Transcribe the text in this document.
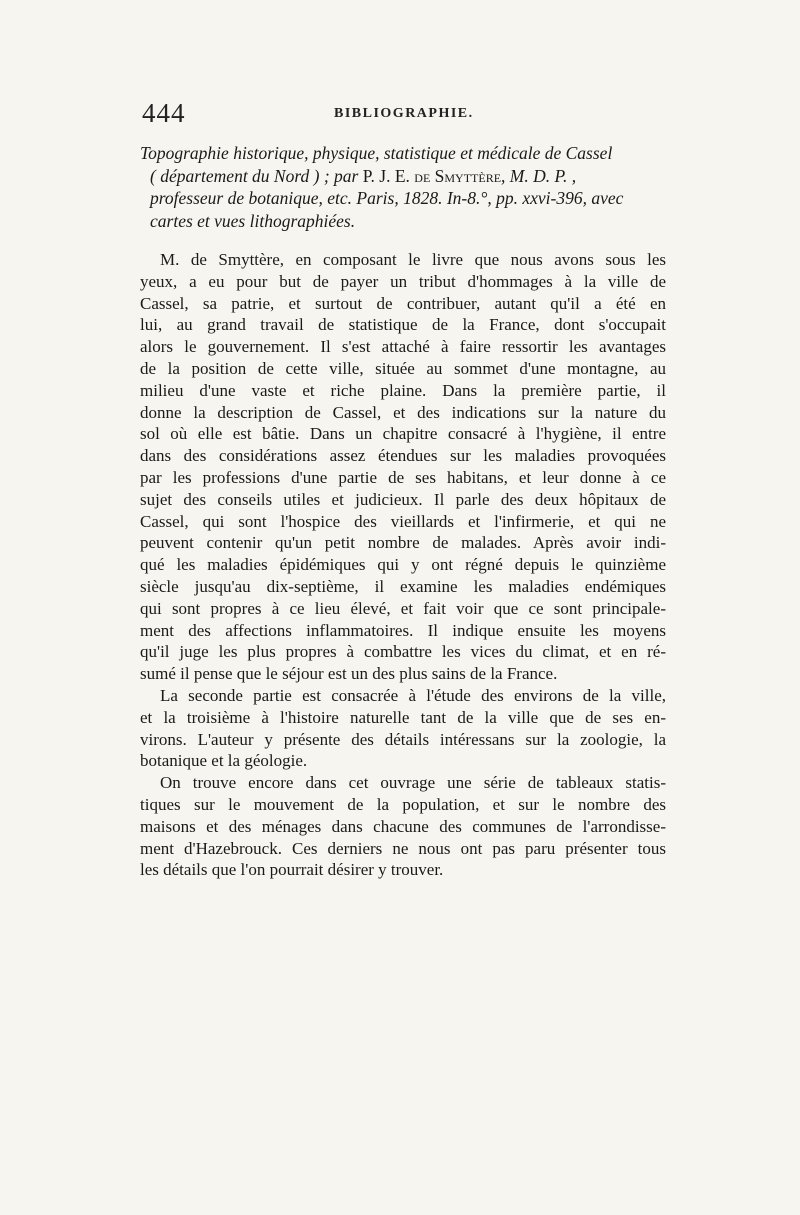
444	BIBLIOGRAPHIE.
Topographie historique, physique, statistique et médicale de Cassel
( département du Nord ) ; par P. J. E. de Smyttère, M. D. P. ,
professeur de botanique, etc. Paris, 1828. In-8.°, pp. xxvi-396, avec
cartes et vues lithographiées.
M. de Smyttère, en composant le livre que nous avons sous les
yeux, a eu pour but de payer un tribut d'hommages à la ville de
Cassel, sa patrie, et surtout de contribuer, autant qu'il a été en
lui, au grand travail de statistique de la France, dont s'occupait
alors le gouvernement. Il s'est attaché à faire ressortir les avantages
de la position de cette ville, située au sommet d'une montagne, au
milieu d'une vaste et riche plaine. Dans la première partie, il
donne la description de Cassel, et des indications sur la nature du
sol où elle est bâtie. Dans un chapitre consacré à l'hygiène, il entre
dans des considérations assez étendues sur les maladies provoquées
par les professions d'une partie de ses habitans, et leur donne à ce
sujet des conseils utiles et judicieux. Il parle des deux hôpitaux de
Cassel, qui sont l'hospice des vieillards et l'infirmerie, et qui ne
peuvent contenir qu'un petit nombre de malades. Après avoir indi-
qué les maladies épidémiques qui y ont régné depuis le quinzième
siècle jusqu'au dix-septième, il examine les maladies endémiques
qui sont propres à ce lieu élevé, et fait voir que ce sont principale-
ment des affections inflammatoires. Il indique ensuite les moyens
qu'il juge les plus propres à combattre les vices du climat, et en ré-
sumé il pense que le séjour est un des plus sains de la France.
La seconde partie est consacrée à l'étude des environs de la ville,
et la troisième à l'histoire naturelle tant de la ville que de ses en-
virons. L'auteur y présente des détails intéressans sur la zoologie, la
botanique et la géologie.
On trouve encore dans cet ouvrage une série de tableaux statis-
tiques sur le mouvement de la population, et sur le nombre des
maisons et des ménages dans chacune des communes de l'arrondisse-
ment d'Hazebrouck. Ces derniers ne nous ont pas paru présenter tous
les détails que l'on pourrait désirer y trouver.
